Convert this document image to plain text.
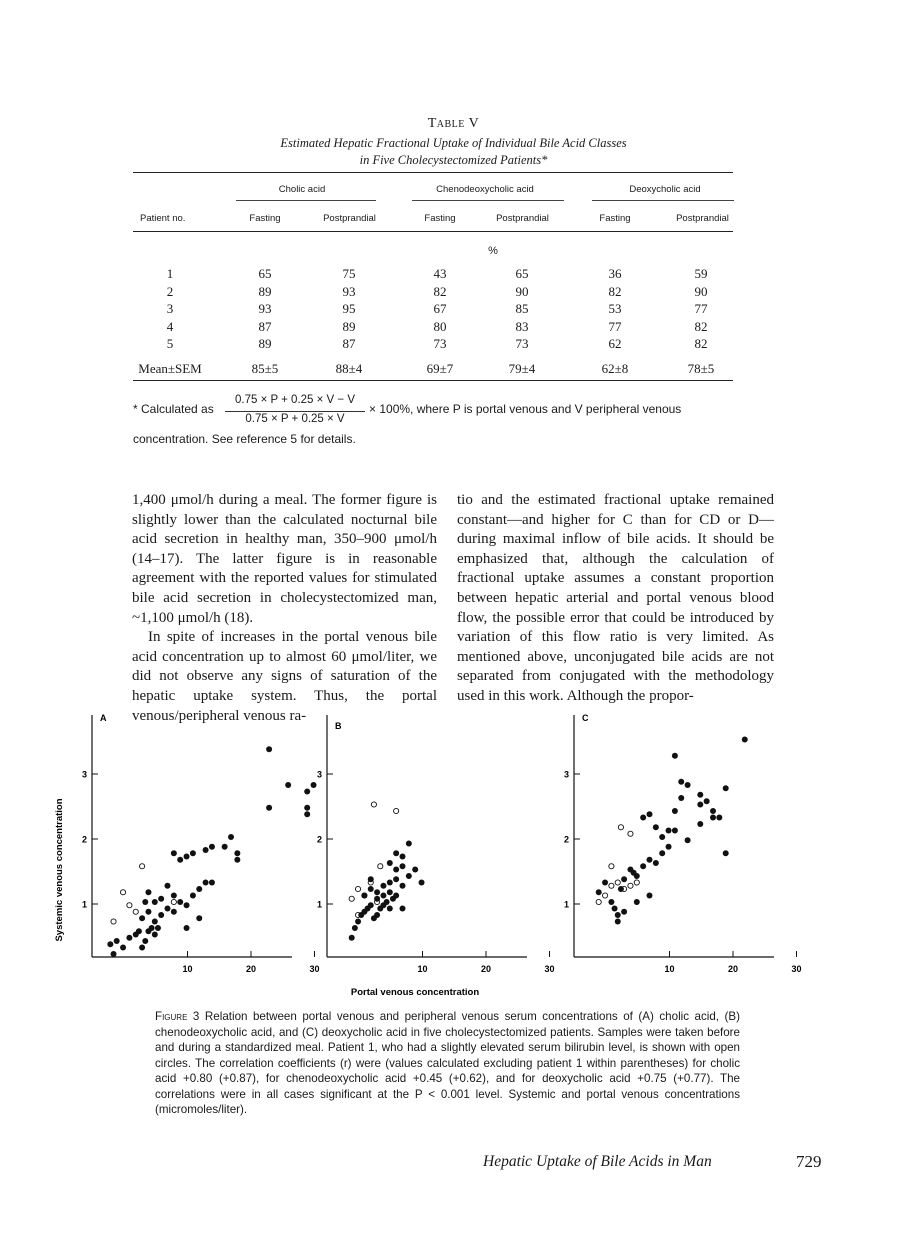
Table V
Estimated Hepatic Fractional Uptake of Individual Bile Acid Classes
in Five Cholecystectomized Patients*
Cholic acid	Chenodeoxycholic acid	Deoxycholic acid
Patient no.	Fasting	Postprandial	Fasting	Postprandial	Fasting	Postprandial
%
1	65	75	43	65	36	59
2	89	93	82	90	82	90
3	93	95	67	85	53	77
4	87	89	80	83	77	82
5	89	87	73	73	62	82
Mean±SEM	85±5	88±4	69±7	79±4	62±8	78±5
* Calculated as
0.75 × P + 0.25 × V − V
0.75 × P + 0.25 × V
× 100%, where P is portal venous and V peripheral venous
concentration. See reference 5 for details.
1,400 μmol/h during a meal. The former figure is slightly lower than the calculated nocturnal bile acid secretion in healthy man, 350–900 μmol/h (14–17). The latter figure is in reasonable agreement with the reported values for stimulated bile acid secretion in cholecystectomized man, ~1,100 μmol/h (18).
In spite of increases in the portal venous bile acid concentration up to almost 60 μmol/liter, we did not observe any signs of saturation of the hepatic uptake system. Thus, the portal venous/peripheral venous ra-
tio and the estimated fractional uptake remained constant—and higher for C than for CD or D—during maximal inflow of bile acids. It should be emphasized that, although the calculation of fractional uptake assumes a constant proportion between hepatic arterial and portal venous blood flow, the possible error that could be introduced by variation of this flow ratio is very limited. As mentioned above, unconjugated bile acids are not separated from conjugated with the methodology used in this work. Although the propor-
Systemic venous concentration
Portal venous concentration
A
1
2
3
10	20	30
B
1
2
3
10	20	30
C
1
2
3
10	20	30
Figure 3 Relation between portal venous and peripheral venous serum concentrations of (A) cholic acid, (B) chenodeoxycholic acid, and (C) deoxycholic acid in five cholecystectomized patients. Samples were taken before and during a standardized meal. Patient 1, who had a slightly elevated serum bilirubin level, is shown with open circles. The correlation coefficients (r) were (values calculated excluding patient 1 within parentheses) for cholic acid +0.80 (+0.87), for chenodeoxycholic acid +0.45 (+0.62), and for deoxycholic acid +0.75 (+0.77). The correlations were in all cases significant at the P < 0.001 level. Systemic and portal venous concentrations (micromoles/liter).
Hepatic Uptake of Bile Acids in Man	729
